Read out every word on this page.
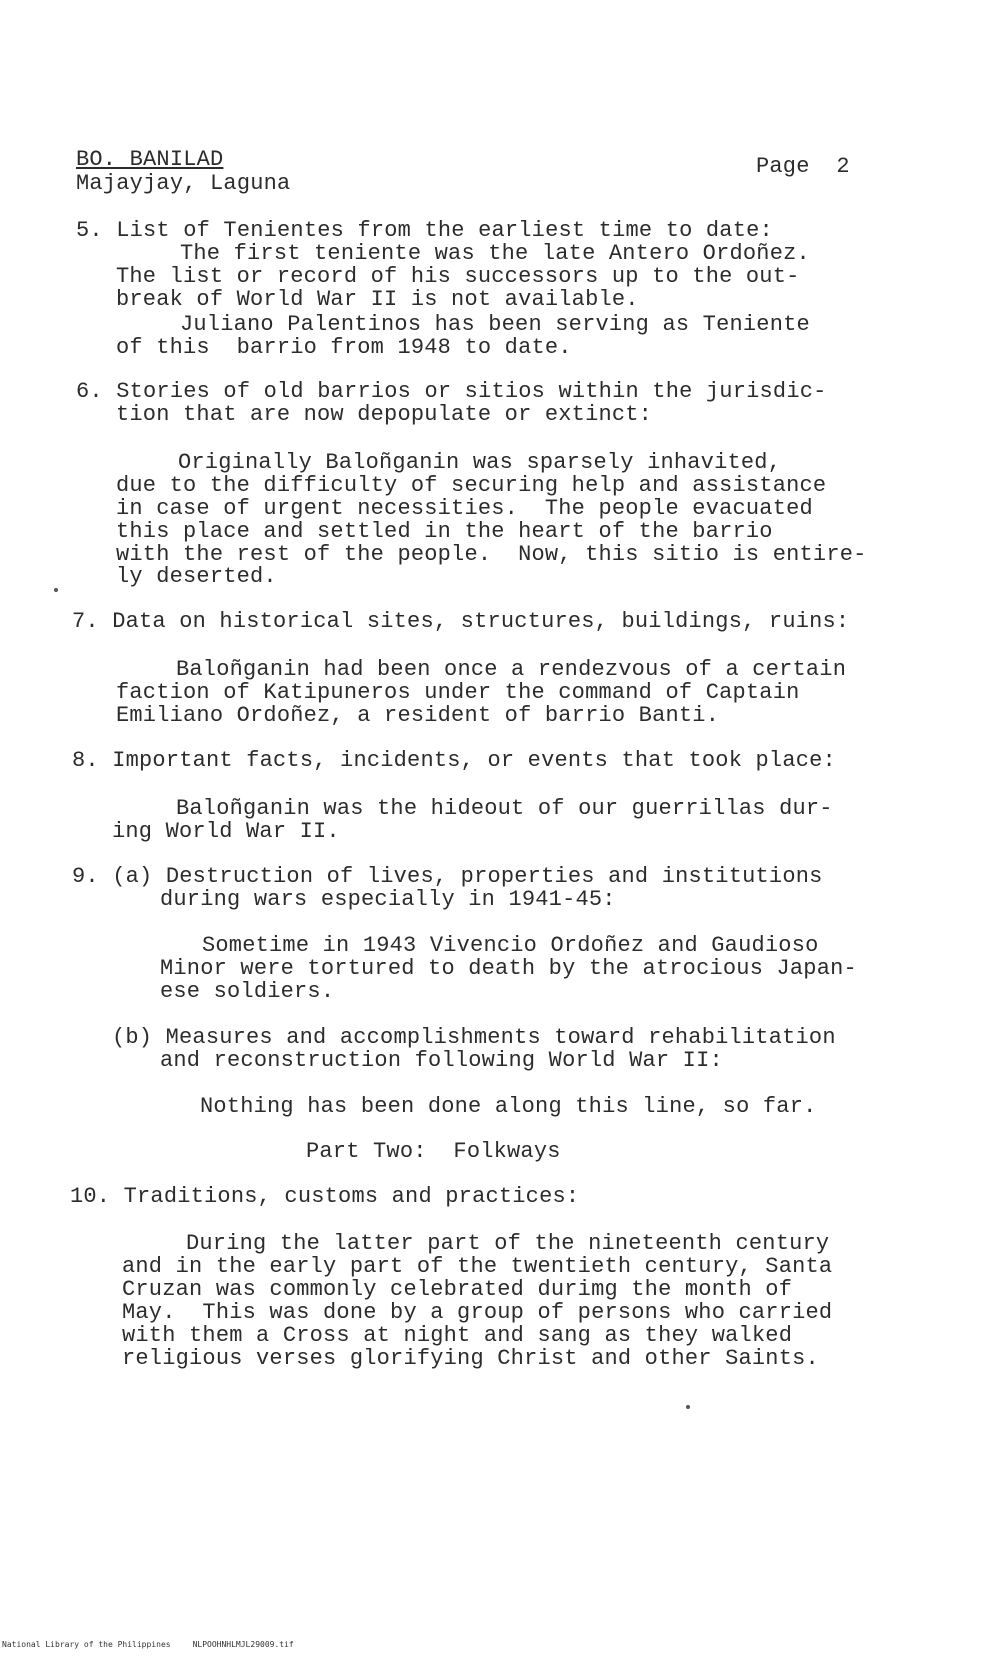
BO. BANILAD
Majayjay, Laguna
Page  2
5. List of Tenientes from the earliest time to date:
The first teniente was the late Antero Ordoñez.
The list or record of his successors up to the out-
break of World War II is not available.
Juliano Palentinos has been serving as Teniente
of this  barrio from 1948 to date.
6. Stories of old barrios or sitios within the jurisdic-
tion that are now depopulate or extinct:
Originally Baloñganin was sparsely inhavited,
due to the difficulty of securing help and assistance
in case of urgent necessities.  The people evacuated
this place and settled in the heart of the barrio
with the rest of the people.  Now, this sitio is entire-
ly deserted.
7. Data on historical sites, structures, buildings, ruins:
Baloñganin had been once a rendezvous of a certain
faction of Katipuneros under the command of Captain
Emiliano Ordoñez, a resident of barrio Banti.
8. Important facts, incidents, or events that took place:
Baloñganin was the hideout of our guerrillas dur-
ing World War II.
9. (a) Destruction of lives, properties and institutions
during wars especially in 1941-45:
Sometime in 1943 Vivencio Ordoñez and Gaudioso
Minor were tortured to death by the atrocious Japan-
ese soldiers.
(b) Measures and accomplishments toward rehabilitation
and reconstruction following World War II:
Nothing has been done along this line, so far.
Part Two:  Folkways
10. Traditions, customs and practices:
During the latter part of the nineteenth century
and in the early part of the twentieth century, Santa
Cruzan was commonly celebrated durimg the month of
May.  This was done by a group of persons who carried
with them a Cross at night and sang as they walked
religious verses glorifying Christ and other Saints.
National Library of the Philippines	NLPOOHNHLMJL29009.tif
